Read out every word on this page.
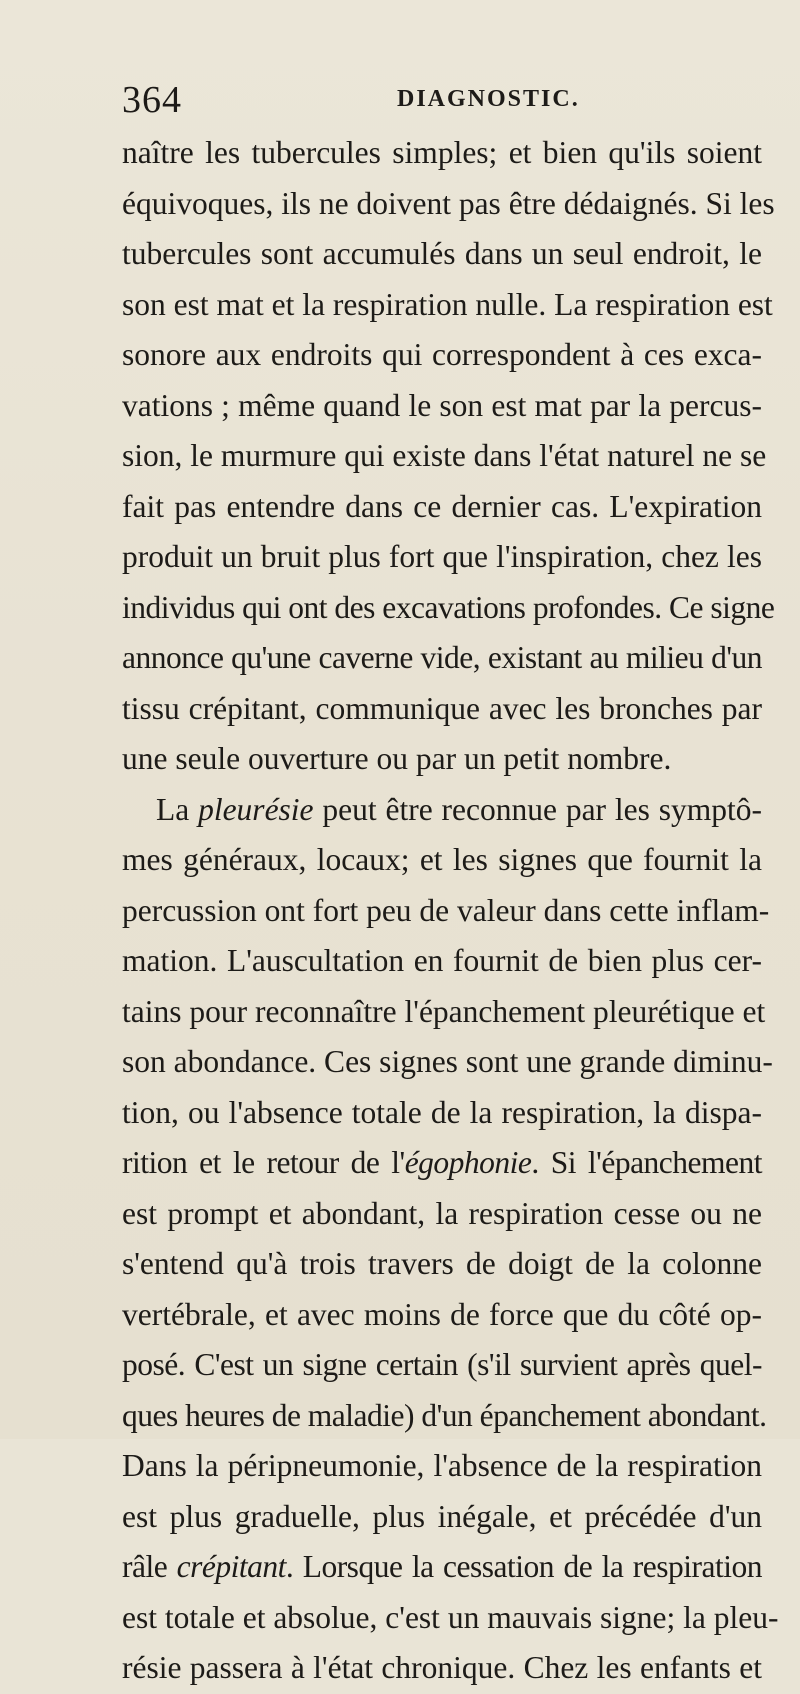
364	DIAGNOSTIC.
naître les tubercules simples; et bien qu'ils soient
équivoques, ils ne doivent pas être dédaignés. Si les
tubercules sont accumulés dans un seul endroit, le
son est mat et la respiration nulle. La respiration est
sonore aux endroits qui correspondent à ces exca-
vations ; même quand le son est mat par la percus-
sion, le murmure qui existe dans l'état naturel ne se
fait pas entendre dans ce dernier cas. L'expiration
produit un bruit plus fort que l'inspiration, chez les
individus qui ont des excavations profondes. Ce signe
annonce qu'une caverne vide, existant au milieu d'un
tissu crépitant, communique avec les bronches par
une seule ouverture ou par un petit nombre.
La pleurésie peut être reconnue par les symptô-
mes généraux, locaux; et les signes que fournit la
percussion ont fort peu de valeur dans cette inflam-
mation. L'auscultation en fournit de bien plus cer-
tains pour reconnaître l'épanchement pleurétique et
son abondance. Ces signes sont une grande diminu-
tion, ou l'absence totale de la respiration, la dispa-
rition et le retour de l'égophonie. Si l'épanchement
est prompt et abondant, la respiration cesse ou ne
s'entend qu'à trois travers de doigt de la colonne
vertébrale, et avec moins de force que du côté op-
posé. C'est un signe certain (s'il survient après quel-
ques heures de maladie) d'un épanchement abondant.
Dans la péripneumonie, l'absence de la respiration
est plus graduelle, plus inégale, et précédée d'un
râle crépitant. Lorsque la cessation de la respiration
est totale et absolue, c'est un mauvais signe; la pleu-
résie passera à l'état chronique. Chez les enfants et
